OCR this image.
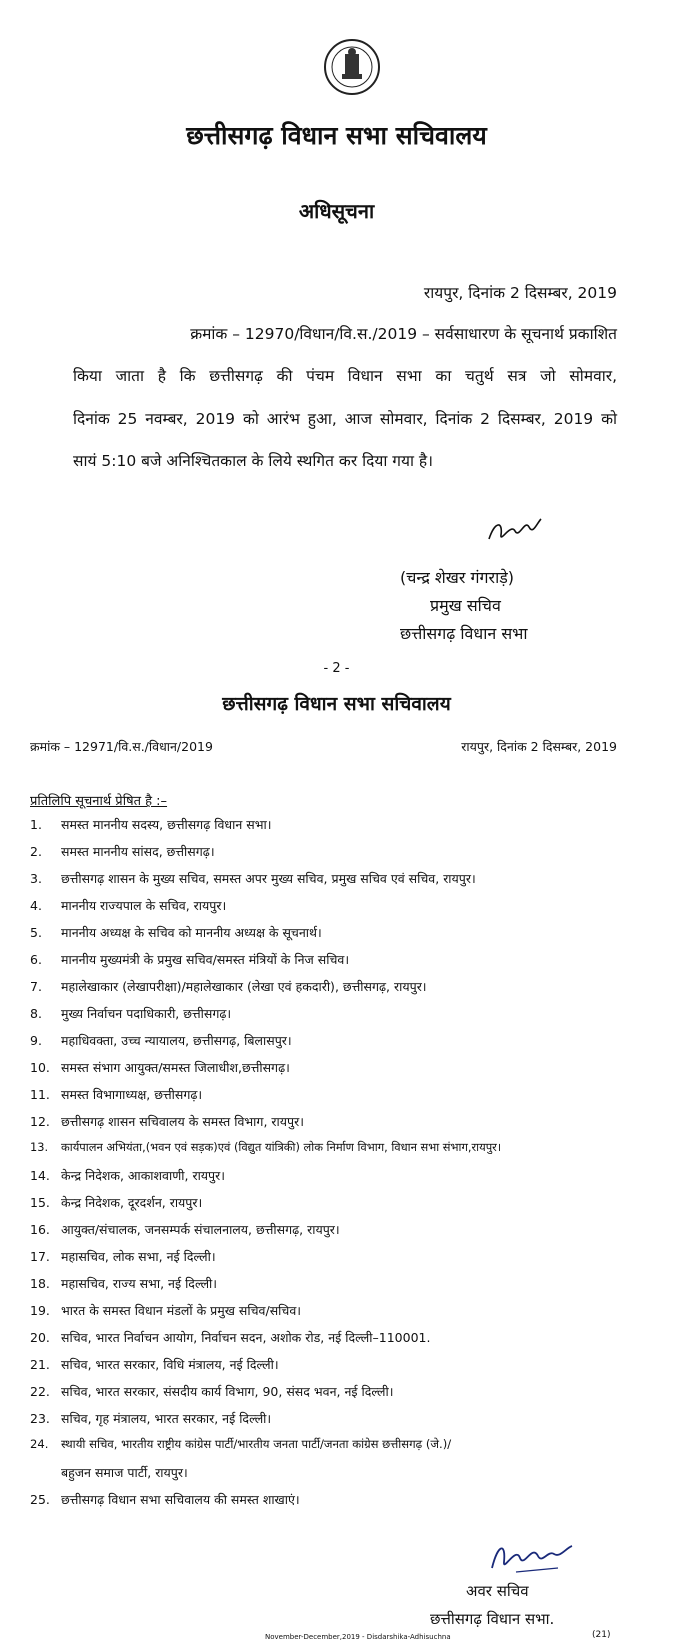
छत्तीसगढ़ विधान सभा सचिवालय
अधिसूचना
रायपुर, दिनांक 2 दिसम्बर, 2019
क्रमांक – 12970/विधान/वि.स./2019 – सर्वसाधारण के सूचनार्थ प्रकाशित
किया जाता है कि छत्तीसगढ़ की पंचम विधान सभा का चतुर्थ सत्र जो सोमवार,
दिनांक 25 नवम्बर, 2019 को आरंभ हुआ, आज सोमवार, दिनांक 2 दिसम्बर, 2019 को
सायं 5:10 बजे अनिश्चितकाल के लिये स्थगित कर दिया गया है।
(चन्द्र शेखर गंगराड़े)
प्रमुख सचिव
छत्तीसगढ़ विधान सभा
- 2 -
छत्तीसगढ़ विधान सभा सचिवालय
क्रमांक – 12971/वि.स./विधान/2019	रायपुर, दिनांक 2 दिसम्बर, 2019
प्रतिलिपि सूचनार्थ प्रेषित है :–
1. समस्त माननीय सदस्य, छत्तीसगढ़ विधान सभा।
2. समस्त माननीय सांसद, छत्तीसगढ़।
3. छत्तीसगढ़ शासन के मुख्य सचिव, समस्त अपर मुख्य सचिव, प्रमुख सचिव एवं सचिव, रायपुर।
4. माननीय राज्यपाल के सचिव, रायपुर।
5. माननीय अध्यक्ष के सचिव को माननीय अध्यक्ष के सूचनार्थ।
6. माननीय मुख्यमंत्री के प्रमुख सचिव/समस्त मंत्रियों के निज सचिव।
7. महालेखाकार (लेखापरीक्षा)/महालेखाकार (लेखा एवं हकदारी), छत्तीसगढ़, रायपुर।
8. मुख्य निर्वाचन पदाधिकारी, छत्तीसगढ़।
9. महाधिवक्ता, उच्च न्यायालय, छत्तीसगढ़, बिलासपुर।
10. समस्त संभाग आयुक्त/समस्त जिलाधीश,छत्तीसगढ़।
11. समस्त विभागाध्यक्ष, छत्तीसगढ़।
12. छत्तीसगढ़ शासन सचिवालय के समस्त विभाग, रायपुर।
13. कार्यपालन अभियंता,(भवन एवं सड़क)एवं (विद्युत यांत्रिकी) लोक निर्माण विभाग, विधान सभा संभाग,रायपुर।
14. केन्द्र निदेशक, आकाशवाणी, रायपुर।
15. केन्द्र निदेशक, दूरदर्शन, रायपुर।
16. आयुक्त/संचालक, जनसम्पर्क संचालनालय, छत्तीसगढ़, रायपुर।
17. महासचिव, लोक सभा, नई दिल्ली।
18. महासचिव, राज्य सभा, नई दिल्ली।
19. भारत के समस्त विधान मंडलों के प्रमुख सचिव/सचिव।
20. सचिव, भारत निर्वाचन आयोग, निर्वाचन सदन, अशोक रोड, नई दिल्ली–110001.
21. सचिव, भारत सरकार, विधि मंत्रालय, नई दिल्ली।
22. सचिव, भारत सरकार, संसदीय कार्य विभाग, 90, संसद भवन, नई दिल्ली।
23. सचिव, गृह मंत्रालय, भारत सरकार, नई दिल्ली।
24. स्थायी सचिव, भारतीय राष्ट्रीय कांग्रेस पार्टी/भारतीय जनता पार्टी/जनता कांग्रेस छत्तीसगढ़ (जे.)/
बहुजन समाज पार्टी, रायपुर।
25. छत्तीसगढ़ विधान सभा सचिवालय की समस्त शाखाएं।
अवर सचिव
छत्तीसगढ़ विधान सभा.
November-December,2019 - Disdarshika-Adhisuchna	(21)
